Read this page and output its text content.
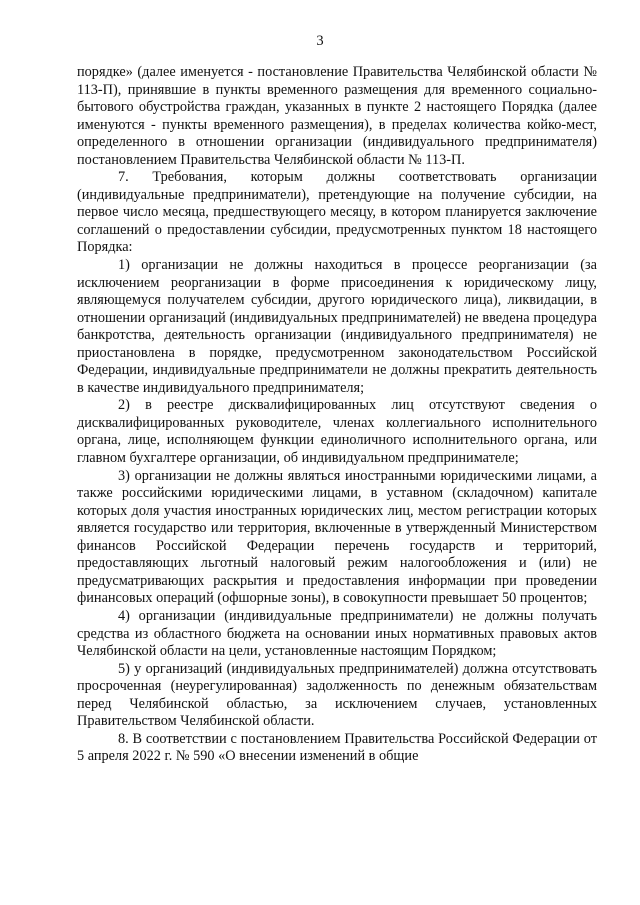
3

порядке» (далее именуется - постановление Правительства Челябинской области № 113-П), принявшие в пункты временного размещения для временного социально-бытового обустройства граждан, указанных в пункте 2 настоящего Порядка (далее именуются - пункты временного размещения), в пределах количества койко-мест, определенного в отношении организации (индивидуального предпринимателя) постановлением Правительства Челябинской области № 113-П.

7. Требования, которым должны соответствовать организации (индивидуальные предприниматели), претендующие на получение субсидии, на первое число месяца, предшествующего месяцу, в котором планируется заключение соглашений о предоставлении субсидии, предусмотренных пунктом 18 настоящего Порядка:

1) организации не должны находиться в процессе реорганизации (за исключением реорганизации в форме присоединения к юридическому лицу, являющемуся получателем субсидии, другого юридического лица), ликвидации, в отношении организаций (индивидуальных предпринимателей) не введена процедура банкротства, деятельность организации (индивидуального предпринимателя) не приостановлена в порядке, предусмотренном законодательством Российской Федерации, индивидуальные предприниматели не должны прекратить деятельность в качестве индивидуального предпринимателя;

2) в реестре дисквалифицированных лиц отсутствуют сведения о дисквалифицированных руководителе, членах коллегиального исполнительного органа, лице, исполняющем функции единоличного исполнительного органа, или главном бухгалтере организации, об индивидуальном предпринимателе;

3) организации не должны являться иностранными юридическими лицами, а также российскими юридическими лицами, в уставном (складочном) капитале которых доля участия иностранных юридических лиц, местом регистрации которых является государство или территория, включенные в утвержденный Министерством финансов Российской Федерации перечень государств и территорий, предоставляющих льготный налоговый режим налогообложения и (или) не предусматривающих раскрытия и предоставления информации при проведении финансовых операций (офшорные зоны), в совокупности превышает 50 процентов;

4) организации (индивидуальные предприниматели) не должны получать средства из областного бюджета на основании иных нормативных правовых актов Челябинской области на цели, установленные настоящим Порядком;

5) у организаций (индивидуальных предпринимателей) должна отсутствовать просроченная (неурегулированная) задолженность по денежным обязательствам перед Челябинской областью, за исключением случаев, установленных Правительством Челябинской области.

8. В соответствии с постановлением Правительства Российской Федерации от 5 апреля 2022 г. № 590 «О внесении изменений в общие
